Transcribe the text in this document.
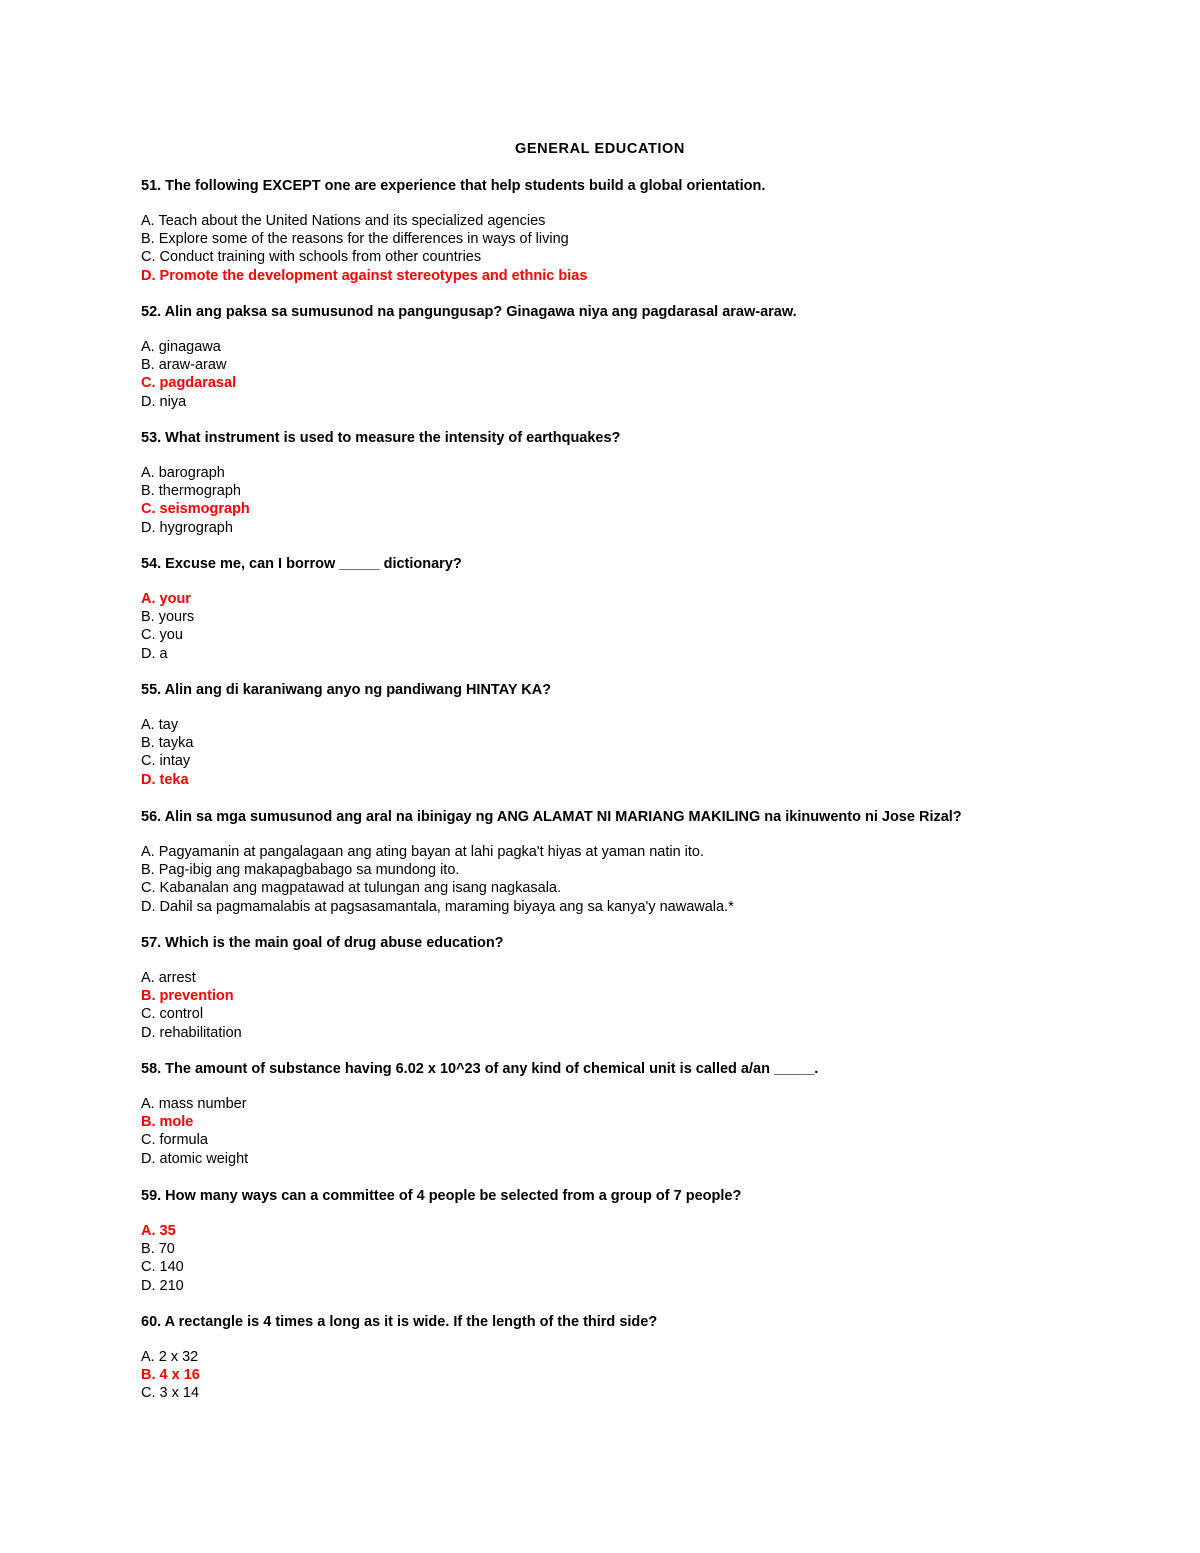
GENERAL EDUCATION
51. The following EXCEPT one are experience that help students build a global orientation.
A. Teach about the United Nations and its specialized agencies
B. Explore some of the reasons for the differences in ways of living
C. Conduct training with schools from other countries
D. Promote the development against stereotypes and ethnic bias
52. Alin ang paksa sa sumusunod na pangungusap? Ginagawa niya ang pagdarasal araw-araw.
A. ginagawa
B. araw-araw
C. pagdarasal
D. niya
53. What instrument is used to measure the intensity of earthquakes?
A. barograph
B. thermograph
C. seismograph
D. hygrograph
54. Excuse me, can I borrow _____ dictionary?
A. your
B. yours
C. you
D. a
55. Alin ang di karaniwang anyo ng pandiwang HINTAY KA?
A. tay
B. tayka
C. intay
D. teka
56. Alin sa mga sumusunod ang aral na ibinigay ng ANG ALAMAT NI MARIANG MAKILING na ikinuwento ni Jose Rizal?
A. Pagyamanin at pangalagaan ang ating bayan at lahi pagka't hiyas at yaman natin ito.
B. Pag-ibig ang makapagbabago sa mundong ito.
C. Kabanalan ang magpatawad at tulungan ang isang nagkasala.
D. Dahil sa pagmamalabis at pagsasamantala, maraming biyaya ang sa kanya'y nawawala.*
57. Which is the main goal of drug abuse education?
A. arrest
B. prevention
C. control
D. rehabilitation
58. The amount of substance having 6.02 x 10^23 of any kind of chemical unit is called a/an _____.
A. mass number
B. mole
C. formula
D. atomic weight
59. How many ways can a committee of 4 people be selected from a group of 7 people?
A. 35
B. 70
C. 140
D. 210
60. A rectangle is 4 times a long as it is wide. If the length of the third side?
A. 2 x 32
B. 4 x 16
C. 3 x 14
